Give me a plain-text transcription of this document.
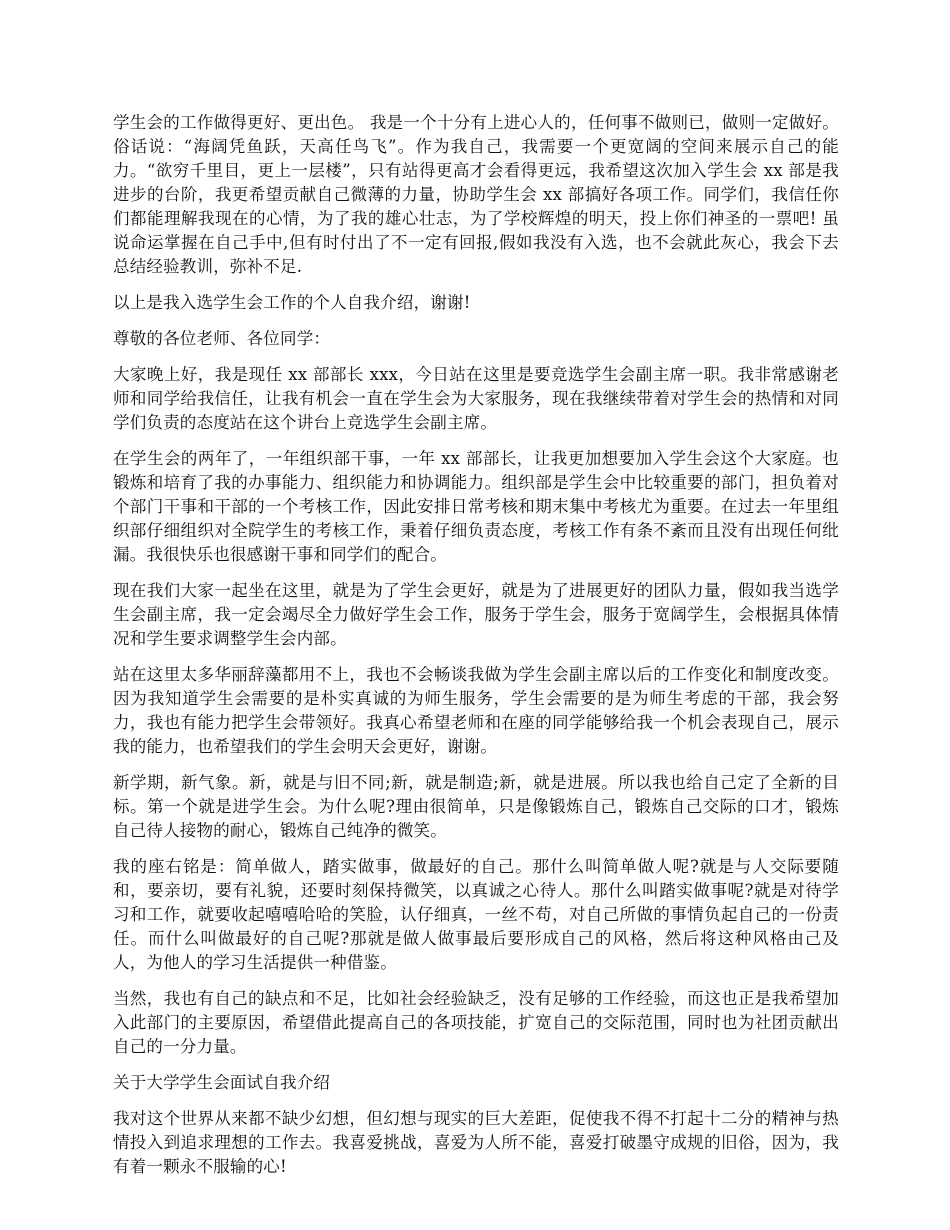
学生会的工作做得更好、更出色。 我是一个十分有上进心人的，任何事不做则已，做则一定做好。俗话说：“海阔凭鱼跃，天高任鸟飞”。作为我自己，我需要一个更宽阔的空间来展示自己的能力。“欲穷千里目，更上一层楼”，只有站得更高才会看得更远，我希望这次加入学生会 xx 部是我进步的台阶，我更希望贡献自己微薄的力量，协助学生会 xx 部搞好各项工作。同学们，我信任你们都能理解我现在的心情，为了我的雄心壮志，为了学校辉煌的明天，投上你们神圣的一票吧! 虽说命运掌握在自己手中,但有时付出了不一定有回报,假如我没有入选，也不会就此灰心，我会下去总结经验教训，弥补不足.

以上是我入选学生会工作的个人自我介绍，谢谢!

尊敬的各位老师、各位同学：

大家晚上好，我是现任 xx 部部长 xxx，今日站在这里是要竞选学生会副主席一职。我非常感谢老师和同学给我信任，让我有机会一直在学生会为大家服务，现在我继续带着对学生会的热情和对同学们负责的态度站在这个讲台上竞选学生会副主席。

在学生会的两年了，一年组织部干事，一年 xx 部部长，让我更加想要加入学生会这个大家庭。也锻炼和培育了我的办事能力、组织能力和协调能力。组织部是学生会中比较重要的部门，担负着对个部门干事和干部的一个考核工作，因此安排日常考核和期末集中考核尤为重要。在过去一年里组织部仔细组织对全院学生的考核工作，秉着仔细负责态度，考核工作有条不紊而且没有出现任何纰漏。我很快乐也很感谢干事和同学们的配合。

现在我们大家一起坐在这里，就是为了学生会更好，就是为了进展更好的团队力量，假如我当选学生会副主席，我一定会竭尽全力做好学生会工作，服务于学生会，服务于宽阔学生，会根据具体情况和学生要求调整学生会内部。

站在这里太多华丽辞藻都用不上，我也不会畅谈我做为学生会副主席以后的工作变化和制度改变。因为我知道学生会需要的是朴实真诚的为师生服务，学生会需要的是为师生考虑的干部，我会努力，我也有能力把学生会带领好。我真心希望老师和在座的同学能够给我一个机会表现自己，展示我的能力，也希望我们的学生会明天会更好，谢谢。

新学期，新气象。新，就是与旧不同;新，就是制造;新，就是进展。所以我也给自己定了全新的目标。第一个就是进学生会。为什么呢?理由很简单，只是像锻炼自己，锻炼自己交际的口才，锻炼自己待人接物的耐心，锻炼自己纯净的微笑。

我的座右铭是：简单做人，踏实做事，做最好的自己。那什么叫简单做人呢?就是与人交际要随和，要亲切，要有礼貌，还要时刻保持微笑，以真诚之心待人。那什么叫踏实做事呢?就是对待学习和工作，就要收起嘻嘻哈哈的笑脸，认仔细真，一丝不苟，对自己所做的事情负起自己的一份责任。而什么叫做最好的自己呢?那就是做人做事最后要形成自己的风格，然后将这种风格由己及人，为他人的学习生活提供一种借鉴。

当然，我也有自己的缺点和不足，比如社会经验缺乏，没有足够的工作经验，而这也正是我希望加入此部门的主要原因，希望借此提高自己的各项技能，扩宽自己的交际范围，同时也为社团贡献出自己的一分力量。

关于大学学生会面试自我介绍

我对这个世界从来都不缺少幻想，但幻想与现实的巨大差距，促使我不得不打起十二分的精神与热情投入到追求理想的工作去。我喜爱挑战，喜爱为人所不能，喜爱打破墨守成规的旧俗，因为，我有着一颗永不服输的心!
